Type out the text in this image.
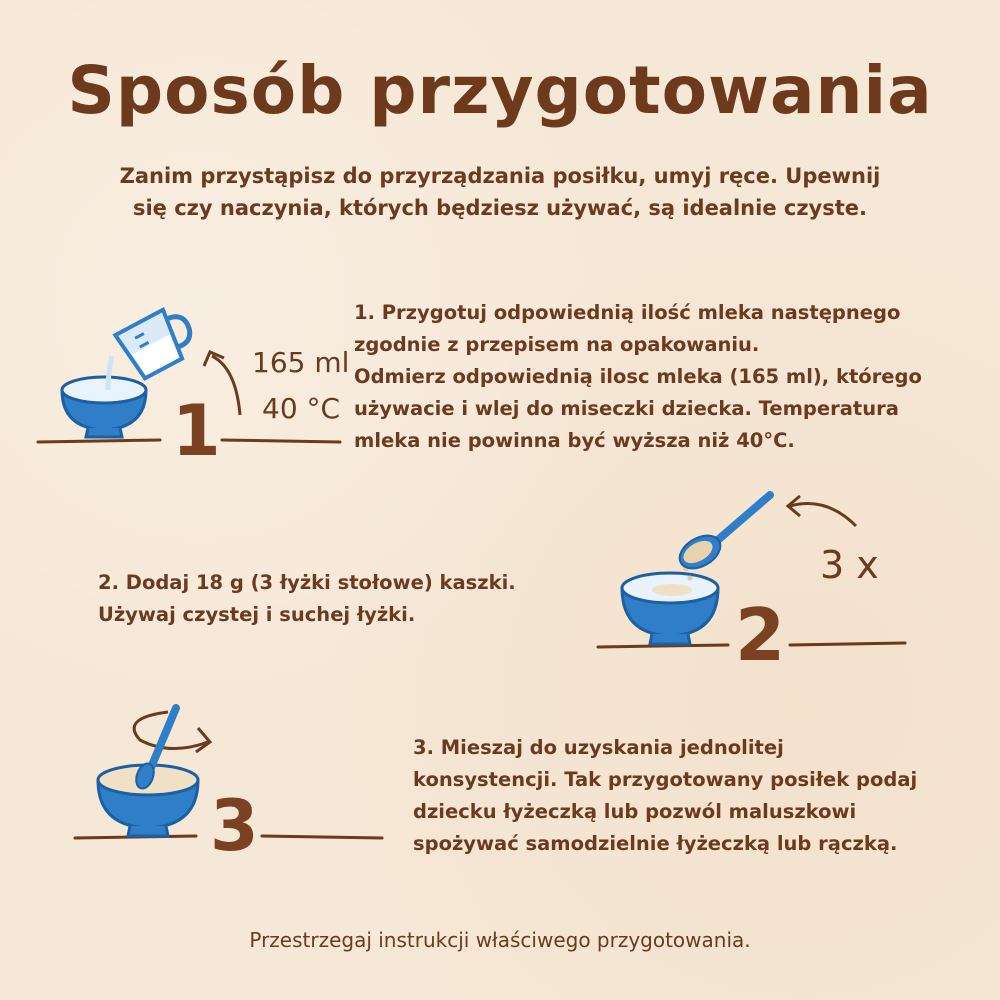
Sposób przygotowania

Zanim przystąpisz do przyrządzania posiłku, umyj ręce. Upewnij
się czy naczynia, których będziesz używać, są idealnie czyste.

1
165 ml
40 °C
3 x
2
3

1. Przygotuj odpowiednią ilość mleka następnego
zgodnie z przepisem na opakowaniu.
Odmierz odpowiednią ilosc mleka (165 ml), którego
używacie i wlej do miseczki dziecka. Temperatura
mleka nie powinna być wyższa niż 40°C.

2. Dodaj 18 g (3 łyżki stołowe) kaszki.
Używaj czystej i suchej łyżki.

3. Mieszaj do uzyskania jednolitej
konsystencji. Tak przygotowany posiłek podaj
dziecku łyżeczką lub pozwól maluszkowi
spożywać samodzielnie łyżeczką lub rączką.

Przestrzegaj instrukcji właściwego przygotowania.
